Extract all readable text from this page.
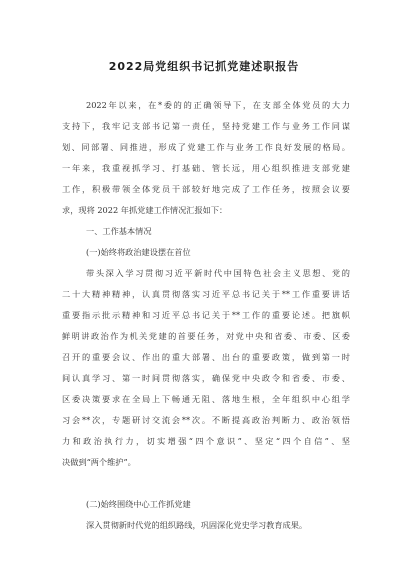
2022局党组织书记抓党建述职报告
2022年以来，在*委的的正确领导下，在支部全体党员的大力
支持下，我牢记支部书记第一责任，坚持党建工作与业务工作同谋
划、同部署、同推进，形成了党建工作与业务工作良好发展的格局。
一年来，我重视抓学习、打基础、管长远，用心组织推进支部党建
工作，积极带领全体党员干部较好地完成了工作任务，按照会议要
求，现将 2022 年抓党建工作情况汇报如下：
一、工作基本情况
(一)始终将政治建设摆在首位
带头深入学习贯彻习近平新时代中国特色社会主义思想、党的
二十大精神精神，认真贯彻落实习近平总书记关于**工作重要讲话
重要指示批示精神和习近平总书记关于**工作的重要论述。把旗帜
鲜明讲政治作为机关党建的首要任务，对党中央和省委、市委、区委
召开的重要会议、作出的重大部署、出台的重要政策，做到第一时
间认真学习、第一时间贯彻落实，确保党中央政令和省委、市委、
区委决策要求在全局上下畅通无阻、落地生根，全年组织中心组学
习会**次，专题研讨交流会**次。不断提高政治判断力、政治领悟
力和政治执行力，切实增强“四个意识”、坚定“四个自信”、坚
决做到“两个维护”。
(二)始终围绕中心工作抓党建
深入贯彻新时代党的组织路线，巩固深化党史学习教育成果。
